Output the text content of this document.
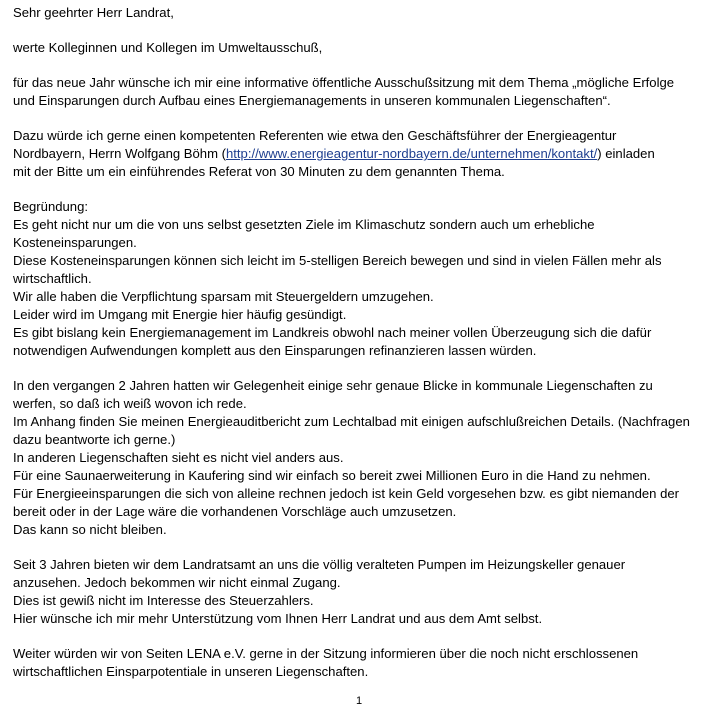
Sehr geehrter Herr Landrat,
werte Kolleginnen und Kollegen im Umweltausschuß,
für das neue Jahr wünsche ich mir eine informative öffentliche Ausschußsitzung mit dem Thema „mögliche Erfolge
und Einsparungen durch Aufbau eines Energiemanagements in unseren kommunalen Liegenschaften“.
Dazu würde ich gerne einen kompetenten Referenten wie etwa den Geschäftsführer der Energieagentur
Nordbayern, Herrn Wolfgang Böhm (http://www.energieagentur-nordbayern.de/unternehmen/kontakt/) einladen
mit der Bitte um ein einführendes Referat von 30 Minuten zu dem genannten Thema.
Begründung:
Es geht nicht nur um die von uns selbst gesetzten Ziele im Klimaschutz sondern auch um erhebliche
Kosteneinsparungen.
Diese Kosteneinsparungen können sich leicht im 5-stelligen Bereich bewegen und sind in vielen Fällen mehr als
wirtschaftlich.
Wir alle haben die Verpflichtung sparsam mit Steuergeldern umzugehen.
Leider wird im Umgang mit Energie hier häufig gesündigt.
Es gibt bislang kein Energiemanagement im Landkreis obwohl nach meiner vollen Überzeugung sich die dafür
notwendigen Aufwendungen komplett aus den Einsparungen refinanzieren lassen würden.
In den vergangen 2 Jahren hatten wir Gelegenheit einige sehr genaue Blicke in kommunale Liegenschaften zu
werfen, so daß ich weiß wovon ich rede.
Im Anhang finden Sie meinen Energieauditbericht zum Lechtalbad mit einigen aufschlußreichen Details. (Nachfragen
dazu beantworte ich gerne.)
In anderen Liegenschaften sieht es nicht viel anders aus.
Für eine Saunaerweiterung in Kaufering sind wir einfach so bereit zwei Millionen Euro in die Hand zu nehmen.
Für Energieeinsparungen die sich von alleine rechnen jedoch ist kein Geld vorgesehen bzw. es gibt niemanden der
bereit oder in der Lage wäre die vorhandenen Vorschläge auch umzusetzen.
Das kann so nicht bleiben.
Seit 3 Jahren bieten wir dem Landratsamt an uns die völlig veralteten Pumpen im Heizungskeller genauer
anzusehen. Jedoch bekommen wir nicht einmal Zugang.
Dies ist gewiß nicht im Interesse des Steuerzahlers.
Hier wünsche ich mir mehr Unterstützung vom Ihnen Herr Landrat und aus dem Amt selbst.
Weiter würden wir von Seiten LENA e.V. gerne in der Sitzung informieren über die noch nicht erschlossenen
wirtschaftlichen Einsparpotentiale in unseren Liegenschaften.
1
